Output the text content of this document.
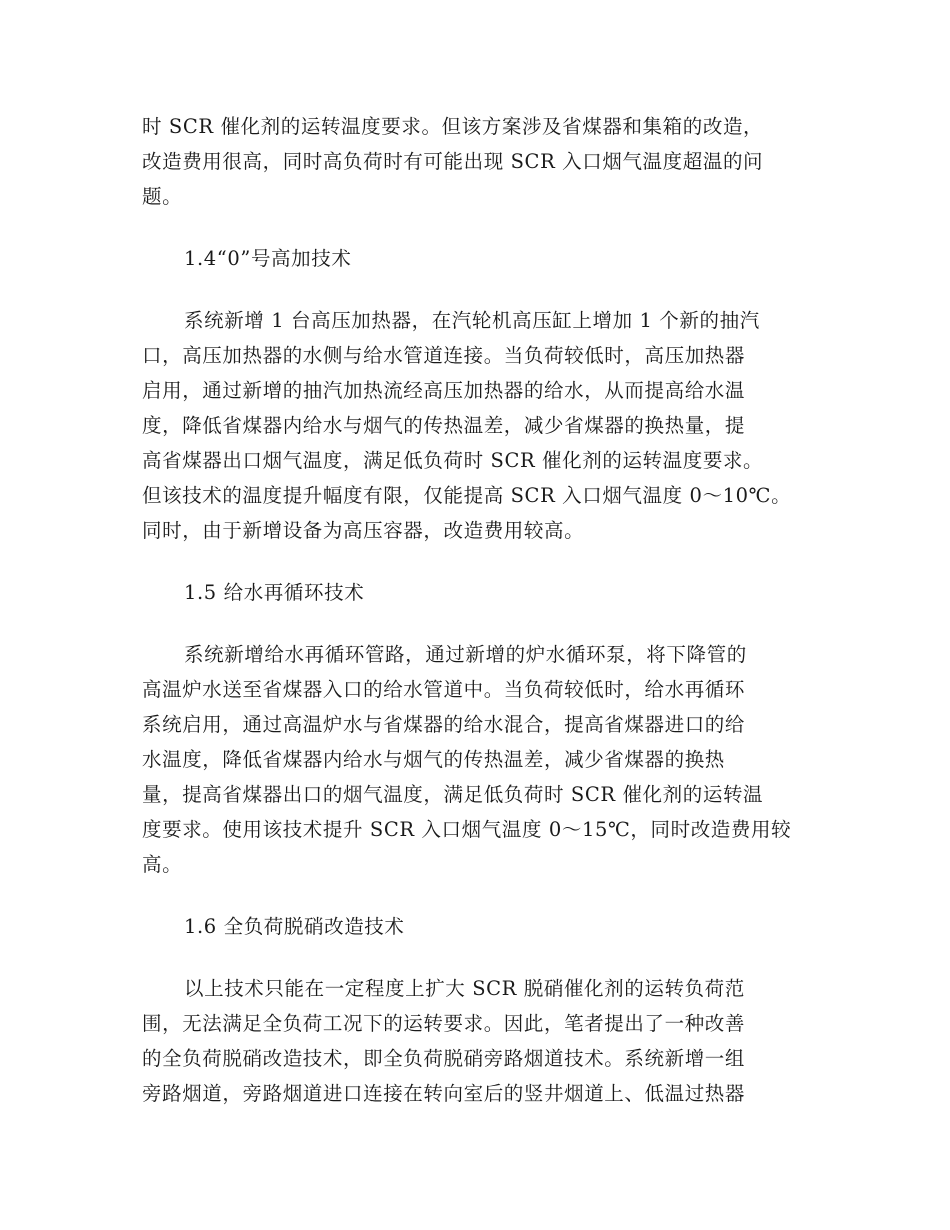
时 SCR 催化剂的运转温度要求。但该方案涉及省煤器和集箱的改造，
改造费用很高，同时高负荷时有可能出现 SCR 入口烟气温度超温的问
题。
1.4“0”号高加技术
系统新增 1 台高压加热器，在汽轮机高压缸上增加 1 个新的抽汽
口，高压加热器的水侧与给水管道连接。当负荷较低时，高压加热器
启用，通过新增的抽汽加热流经高压加热器的给水，从而提高给水温
度，降低省煤器内给水与烟气的传热温差，减少省煤器的换热量，提
高省煤器出口烟气温度，满足低负荷时 SCR 催化剂的运转温度要求。
但该技术的温度提升幅度有限，仅能提高 SCR 入口烟气温度 0～10℃。
同时，由于新增设备为高压容器，改造费用较高。
1.5 给水再循环技术
系统新增给水再循环管路，通过新增的炉水循环泵，将下降管的
高温炉水送至省煤器入口的给水管道中。当负荷较低时，给水再循环
系统启用，通过高温炉水与省煤器的给水混合，提高省煤器进口的给
水温度，降低省煤器内给水与烟气的传热温差，减少省煤器的换热
量，提高省煤器出口的烟气温度，满足低负荷时 SCR 催化剂的运转温
度要求。使用该技术提升 SCR 入口烟气温度 0～15℃，同时改造费用较
高。
1.6 全负荷脱硝改造技术
以上技术只能在一定程度上扩大 SCR 脱硝催化剂的运转负荷范
围，无法满足全负荷工况下的运转要求。因此，笔者提出了一种改善
的全负荷脱硝改造技术，即全负荷脱硝旁路烟道技术。系统新增一组
旁路烟道，旁路烟道进口连接在转向室后的竖井烟道上、低温过热器
